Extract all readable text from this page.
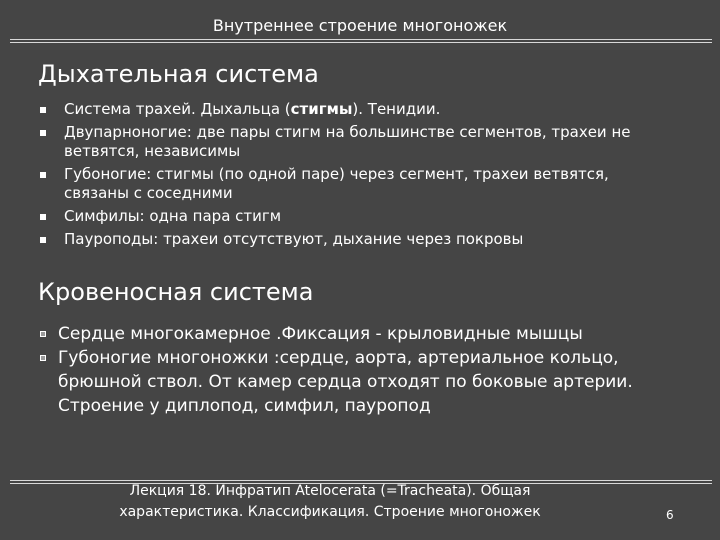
Внутреннее строение многоножек
Дыхательная система
Система трахей. Дыхальца (стигмы). Тенидии.
Двупарноногие: две пары стигм на большинстве сегментов, трахеи не ветвятся, независимы
Губоногие: стигмы (по одной паре) через сегмент, трахеи ветвятся, связаны с соседними
Симфилы: одна пара стигм
Пауроподы: трахеи отсутствуют, дыхание через покровы
Кровеносная система
Сердце многокамерное .Фиксация - крыловидные мышцы
Губоногие многоножки :сердце, аорта, артериальное кольцо, брюшной ствол. От камер сердца отходят по боковые артерии. Строение у диплопод, симфил, пауропод
Лекция 18. Инфратип Atelocerata (=Tracheata). Общая характеристика. Классификация. Строение многоножек	6
